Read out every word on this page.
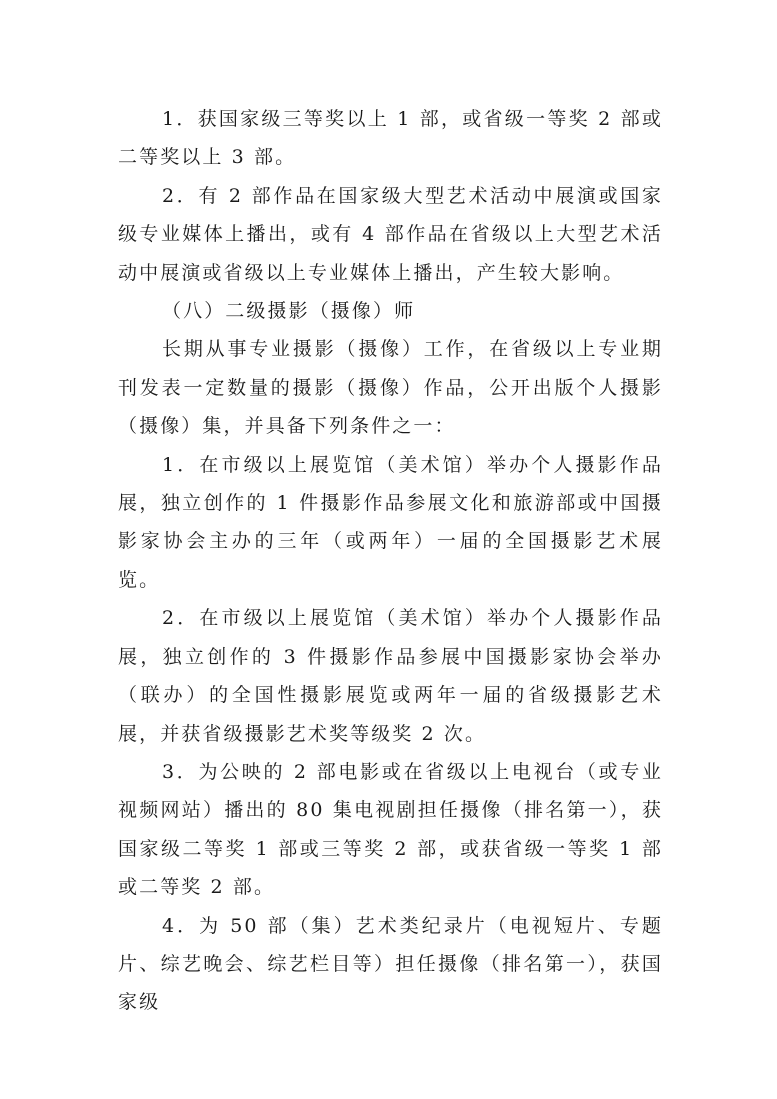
1．获国家级三等奖以上 1 部，或省级一等奖 2 部或二等奖以上 3 部。

2．有 2 部作品在国家级大型艺术活动中展演或国家级专业媒体上播出，或有 4 部作品在省级以上大型艺术活动中展演或省级以上专业媒体上播出，产生较大影响。

（八）二级摄影（摄像）师

长期从事专业摄影（摄像）工作，在省级以上专业期刊发表一定数量的摄影（摄像）作品，公开出版个人摄影（摄像）集，并具备下列条件之一：

1．在市级以上展览馆（美术馆）举办个人摄影作品展，独立创作的 1 件摄影作品参展文化和旅游部或中国摄影家协会主办的三年（或两年）一届的全国摄影艺术展览。

2．在市级以上展览馆（美术馆）举办个人摄影作品展，独立创作的 3 件摄影作品参展中国摄影家协会举办（联办）的全国性摄影展览或两年一届的省级摄影艺术展，并获省级摄影艺术奖等级奖 2 次。

3．为公映的 2 部电影或在省级以上电视台（或专业视频网站）播出的 80 集电视剧担任摄像（排名第一），获国家级二等奖 1 部或三等奖 2 部，或获省级一等奖 1 部或二等奖 2 部。

4．为 50 部（集）艺术类纪录片（电视短片、专题片、综艺晚会、综艺栏目等）担任摄像（排名第一），获国家级
